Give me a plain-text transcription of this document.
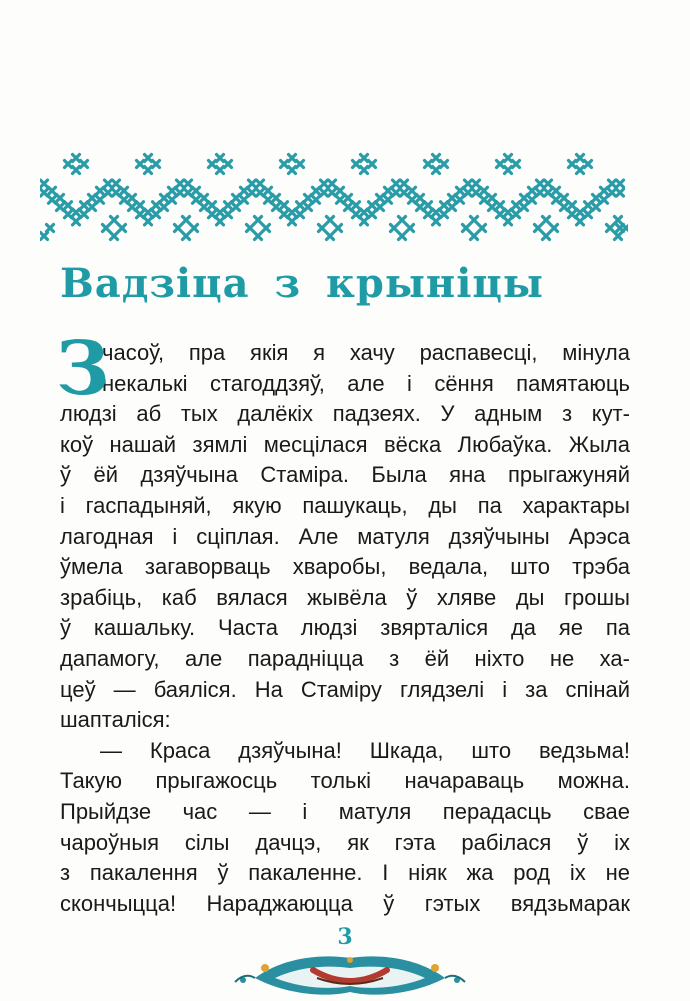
Вадзіца з крыніцы
З
часоў, пра якія я хачу распавесці, мінула
некалькі стагоддзяў, але і сёння памятаюць
людзі аб тых далёкіх падзеях. У адным з кут-
коў нашай зямлі месцілася вёска Любаўка. Жыла
ў ёй дзяўчына Стаміра. Была яна прыгажуняй
і гаспадыняй, якую пашукаць, ды па характары
лагодная і сціплая. Але матуля дзяўчыны Арэса
ўмела загаворваць хваробы, ведала, што трэба
зрабіць, каб вялася жывёла ў хляве ды грошы
ў кашальку. Часта людзі звярталіся да яе па
дапамогу, але парадніцца з ёй ніхто не ха-
цеў — баяліся. На Стаміру глядзелі і за спінай
шапталіся:
— Краса дзяўчына! Шкада, што ведзьма!
Такую прыгажосць толькі начараваць можна.
Прыйдзе час — і матуля перадасць свае
чароўныя сілы дачцэ, як гэта рабілася ў іх
з пакалення ў пакаленне. І ніяк жа род іх не
скончыцца! Нараджаюцца ў гэтых вядзьмарак
3
